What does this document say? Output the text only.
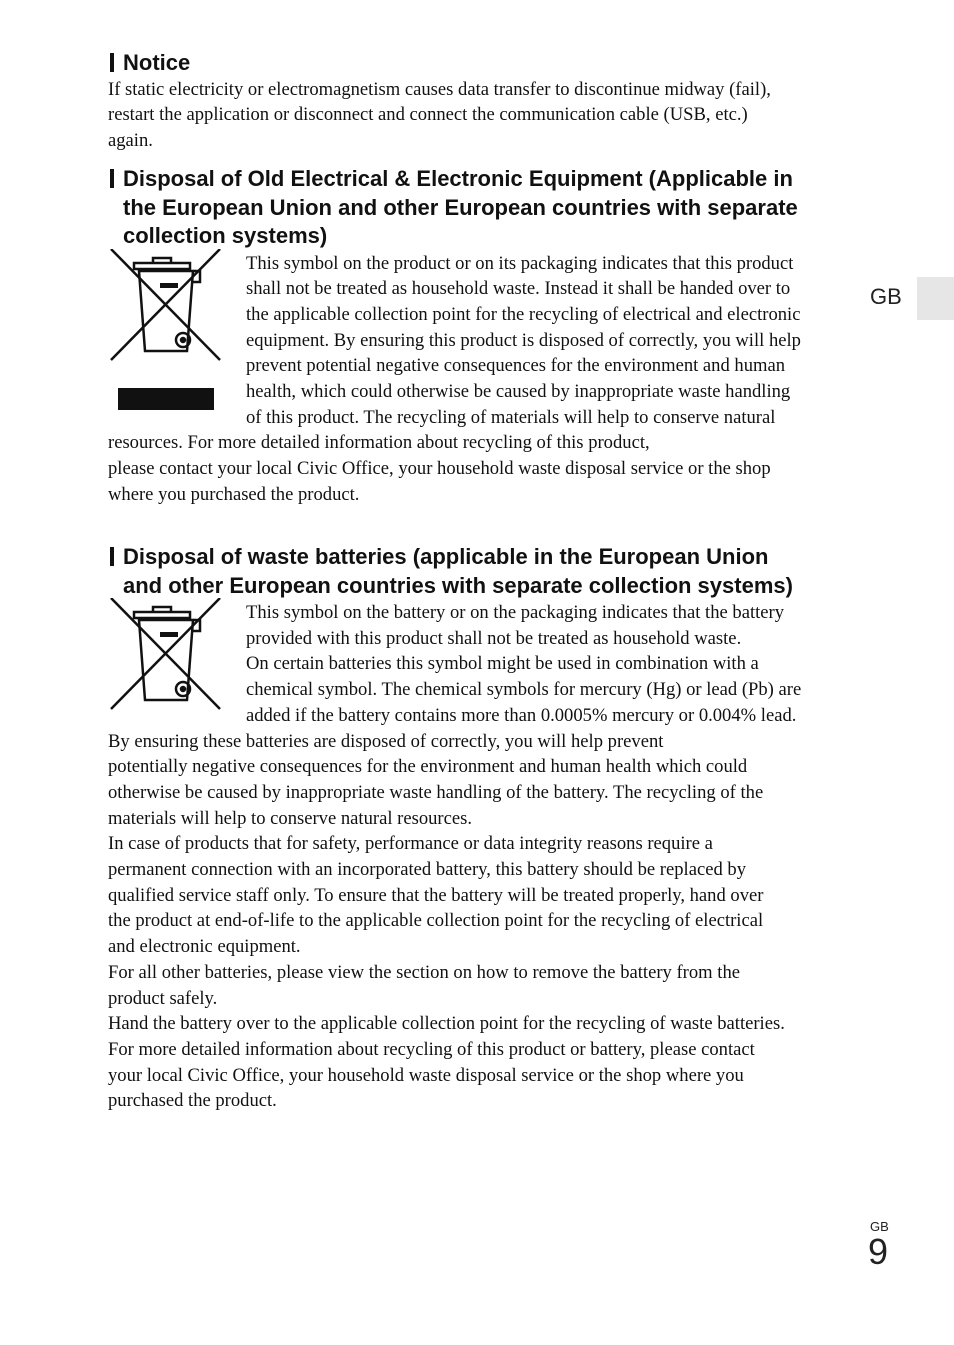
GB
Notice
If static electricity or electromagnetism causes data transfer to discontinue midway (fail),
restart the application or disconnect and connect the communication cable (USB, etc.)
again.
Disposal of Old Electrical & Electronic Equipment (Applicable in
the European Union and other European countries with separate
collection systems)
This symbol on the product or on its packaging indicates that this product
shall not be treated as household waste. Instead it shall be handed over to
the applicable collection point for the recycling of electrical and electronic
equipment. By ensuring this product is disposed of correctly, you will help
prevent potential negative consequences for the environment and human
health, which could otherwise be caused by inappropriate waste handling
of this product. The recycling of materials will help to conserve natural
resources. For more detailed information about recycling of this product,
please contact your local Civic Office, your household waste disposal service or the shop
where you purchased the product.
Disposal of waste batteries (applicable in the European Union
and other European countries with separate collection systems)
This symbol on the battery or on the packaging indicates that the battery
provided with this product shall not be treated as household waste.
On certain batteries this symbol might be used in combination with a
chemical symbol. The chemical symbols for mercury (Hg) or lead (Pb) are
added if the battery contains more than 0.0005% mercury or 0.004% lead.
By ensuring these batteries are disposed of correctly, you will help prevent
potentially negative consequences for the environment and human health which could
otherwise be caused by inappropriate waste handling of the battery. The recycling of the
materials will help to conserve natural resources.
In case of products that for safety, performance or data integrity reasons require a
permanent connection with an incorporated battery, this battery should be replaced by
qualified service staff only. To ensure that the battery will be treated properly, hand over
the product at end-of-life to the applicable collection point for the recycling of electrical
and electronic equipment.
For all other batteries, please view the section on how to remove the battery from the
product safely.
Hand the battery over to the applicable collection point for the recycling of waste batteries.
For more detailed information about recycling of this product or battery, please contact
your local Civic Office, your household waste disposal service or the shop where you
purchased the product.
GB
9
